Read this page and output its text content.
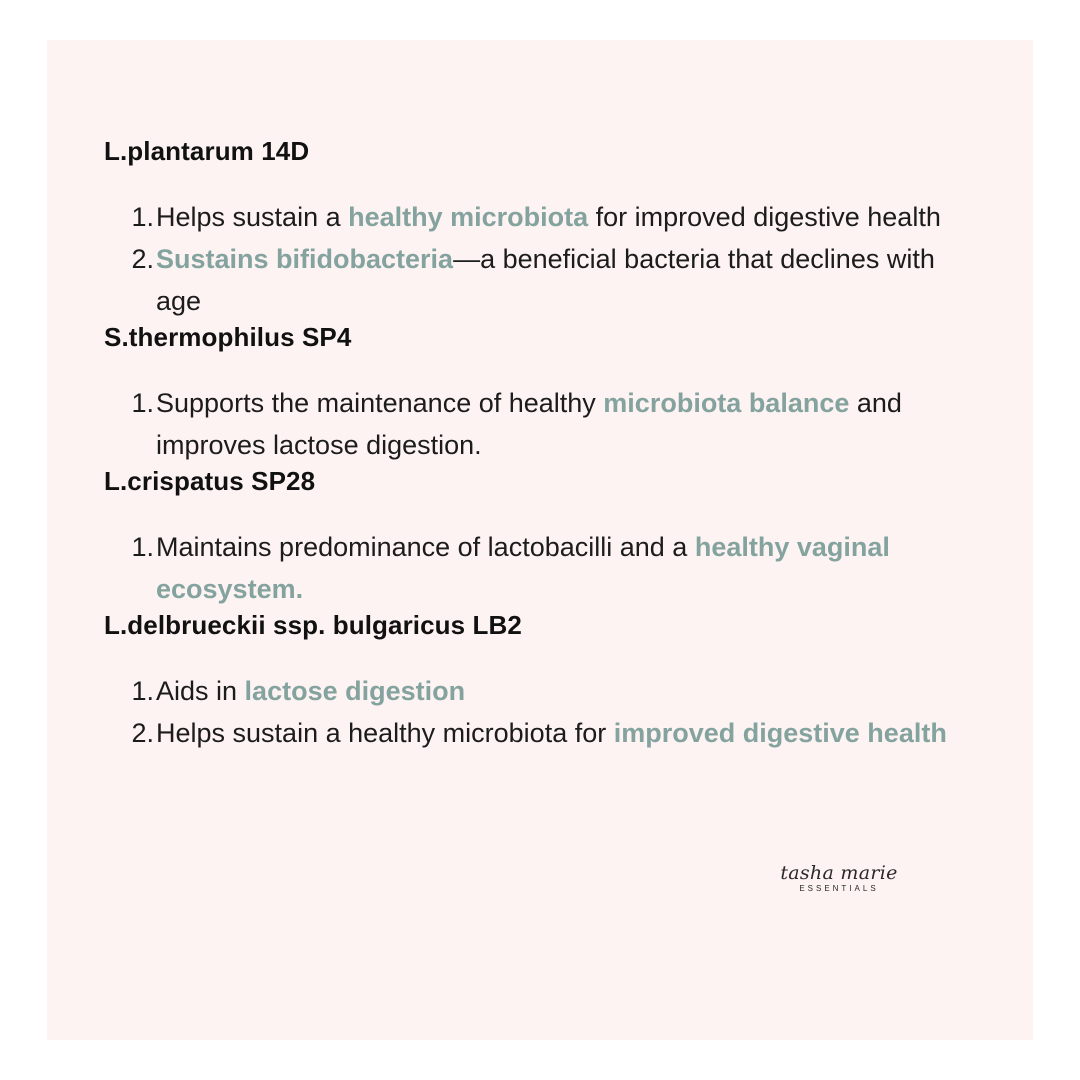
L.plantarum 14D
1. Helps sustain a healthy microbiota for improved digestive health
2. Sustains bifidobacteria—a beneficial bacteria that declines with age
S.thermophilus SP4
1. Supports the maintenance of healthy microbiota balance and improves lactose digestion.
L.crispatus SP28
1. Maintains predominance of lactobacilli and a healthy vaginal ecosystem.
L.delbrueckii ssp. bulgaricus LB2
1. Aids in lactose digestion
2. Helps sustain a healthy microbiota for improved digestive health
tasha marie
ESSENTIALS
